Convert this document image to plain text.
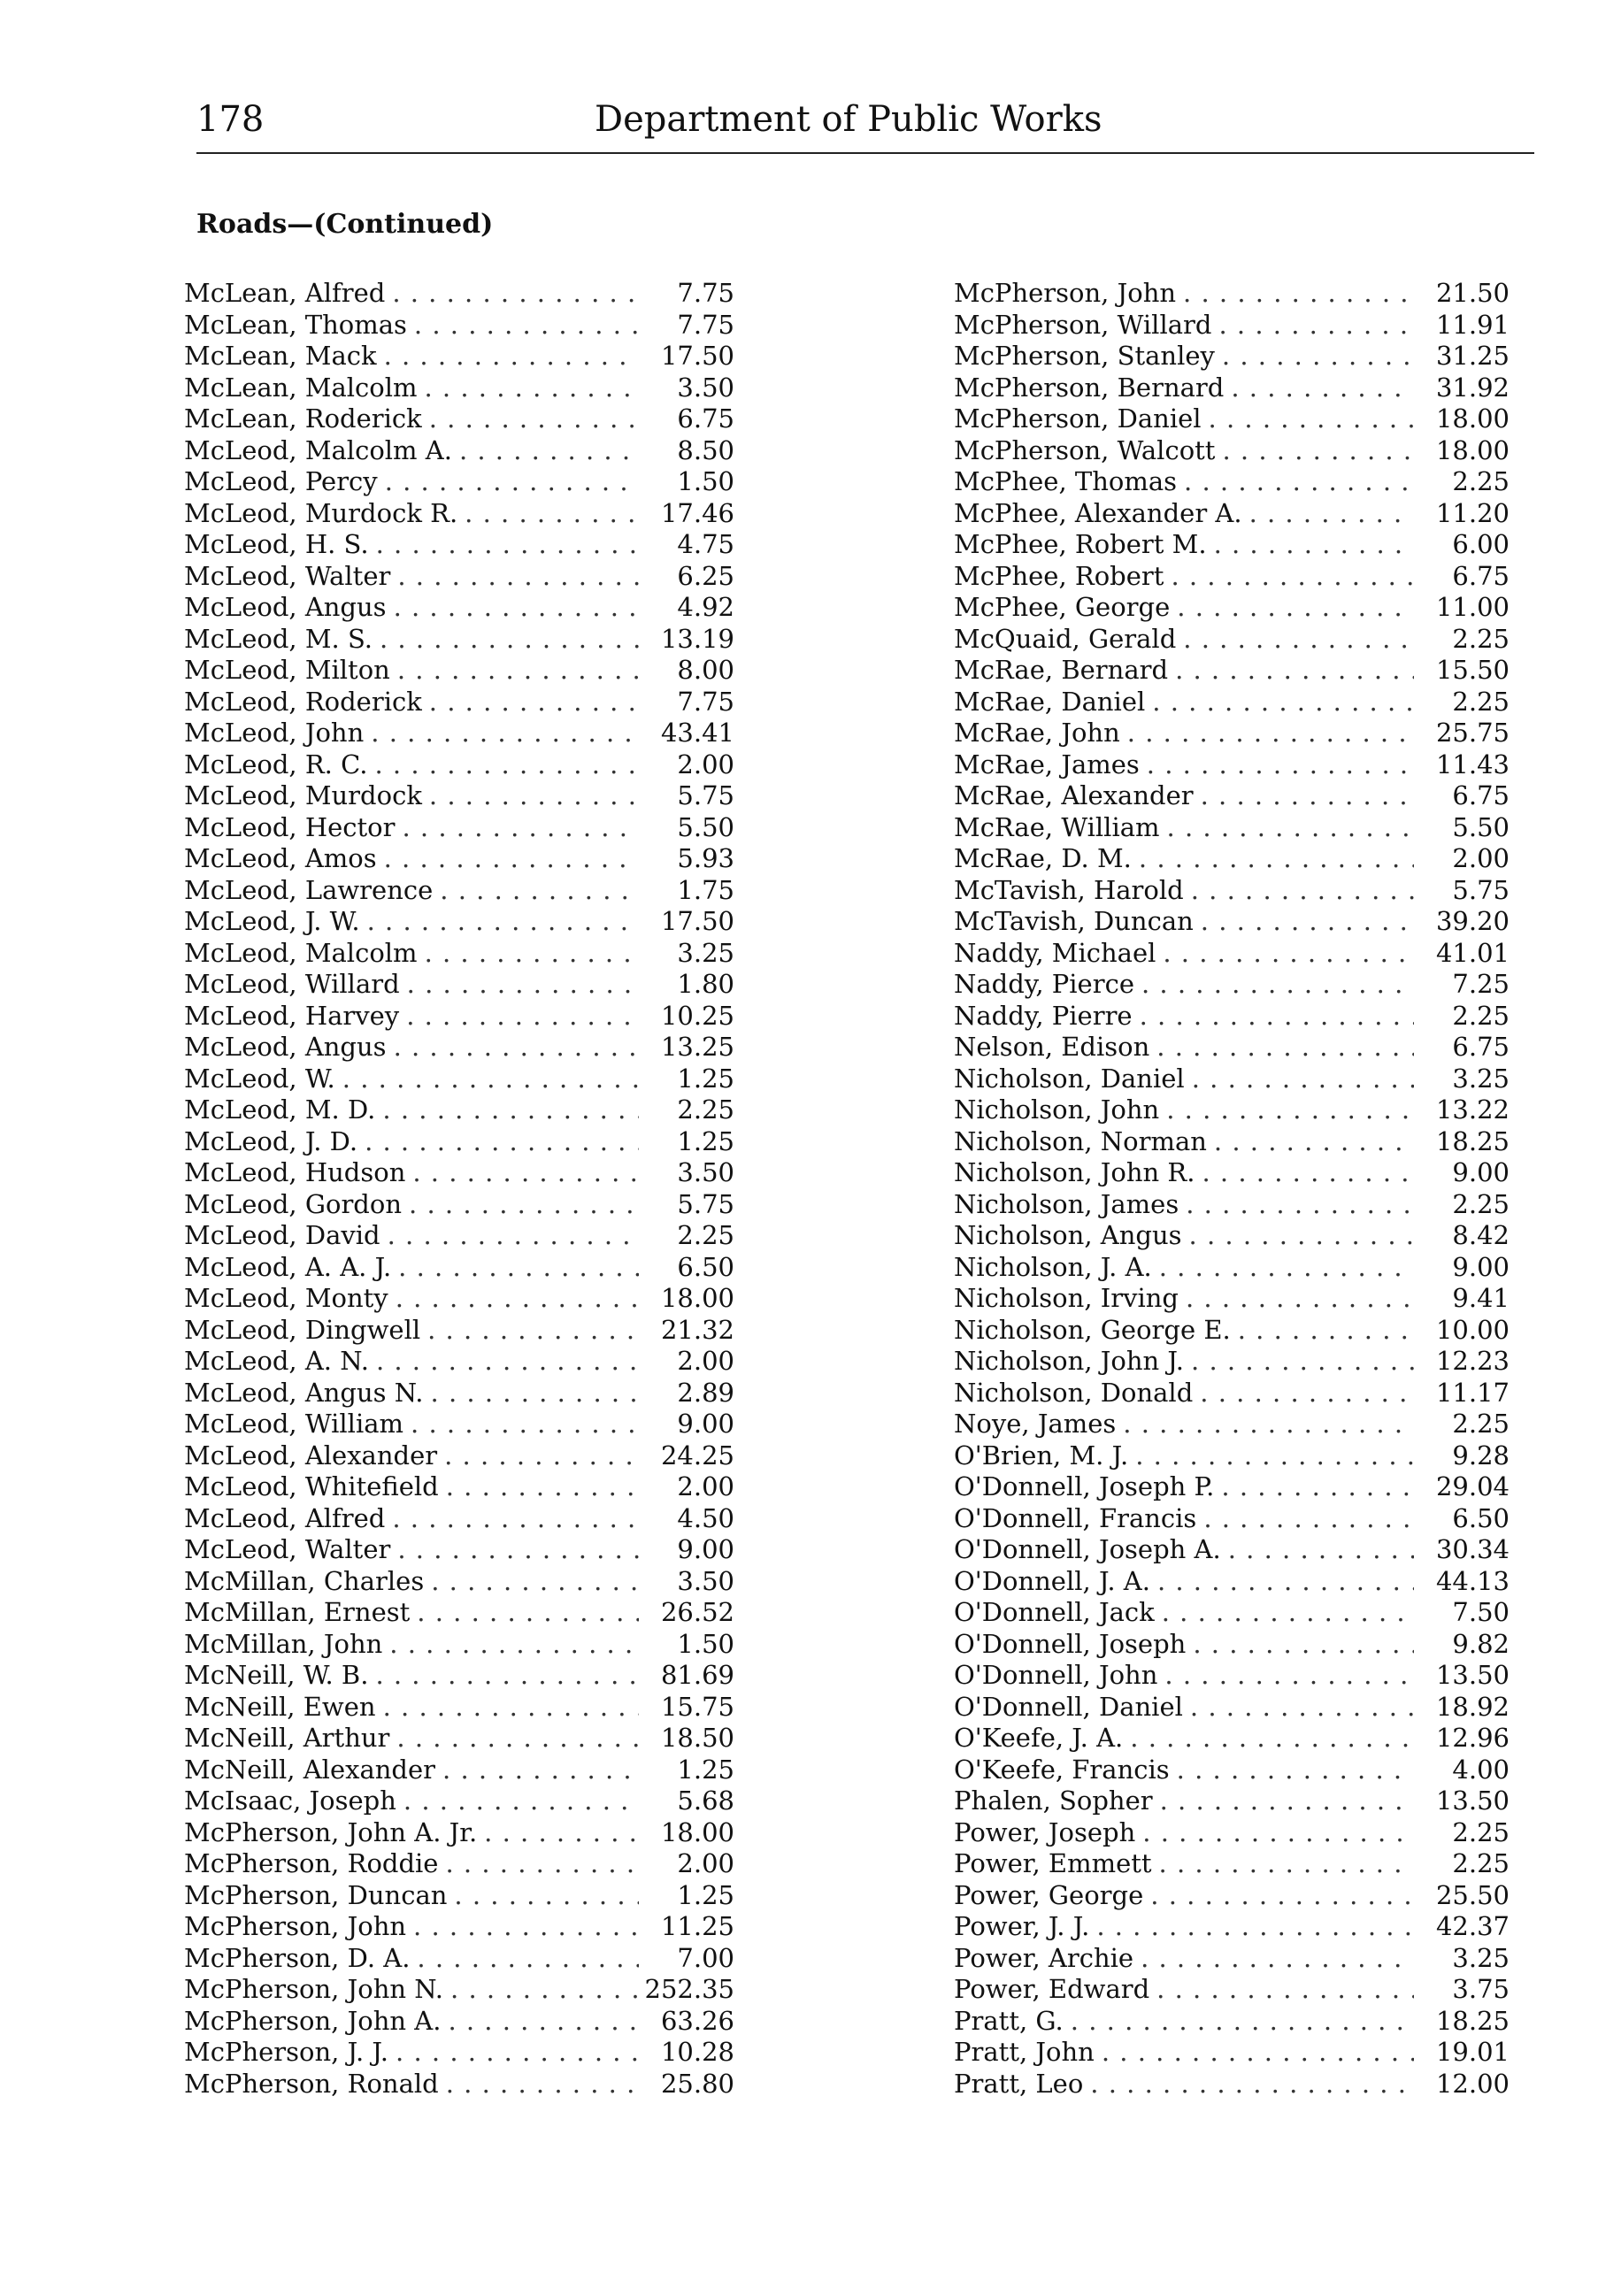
178	Department of Public Works
Roads—(Continued)
McLean, Alfred . . .	7.75
McLean, Thomas . . .	7.75
McLean, Mack . . .	17.50
McLean, Malcolm . . .	3.50
McLean, Roderick . . .	6.75
McLeod, Malcolm A. . . .	8.50
McLeod, Percy . . .	1.50
McLeod, Murdock R. . . .	17.46
McLeod, H. S. . . .	4.75
McLeod, Walter . . .	6.25
McLeod, Angus . . .	4.92
McLeod, M. S. . . .	13.19
McLeod, Milton . . .	8.00
McLeod, Roderick . . .	7.75
McLeod, John . . .	43.41
McLeod, R. C. . . .	2.00
McLeod, Murdock . . .	5.75
McLeod, Hector . . .	5.50
McLeod, Amos . . .	5.93
McLeod, Lawrence . . .	1.75
McLeod, J. W. . . .	17.50
McLeod, Malcolm . . .	3.25
McLeod, Willard . . .	1.80
McLeod, Harvey . . .	10.25
McLeod, Angus . . .	13.25
McLeod, W. . . .	1.25
McLeod, M. D. . . .	2.25
McLeod, J. D. . . .	1.25
McLeod, Hudson . . .	3.50
McLeod, Gordon . . .	5.75
McLeod, David . . .	2.25
McLeod, A. A. J. . . .	6.50
McLeod, Monty . . .	18.00
McLeod, Dingwell . . .	21.32
McLeod, A. N. . . .	2.00
McLeod, Angus N. . . .	2.89
McLeod, William . . .	9.00
McLeod, Alexander . . .	24.25
McLeod, Whitefield . . .	2.00
McLeod, Alfred . . .	4.50
McLeod, Walter . . .	9.00
McMillan, Charles . . .	3.50
McMillan, Ernest . . .	26.52
McMillan, John . . .	1.50
McNeill, W. B. . . .	81.69
McNeill, Ewen . . .	15.75
McNeill, Arthur . . .	18.50
McNeill, Alexander . . .	1.25
McIsaac, Joseph . . .	5.68
McPherson, John A. Jr. . . .	18.00
McPherson, Roddie . . .	2.00
McPherson, Duncan . . .	1.25
McPherson, John . . .	11.25
McPherson, D. A. . . .	7.00
McPherson, John N. . . .	252.35
McPherson, John A. . . .	63.26
McPherson, J. J. . . .	10.28
McPherson, Ronald . . .	25.80
McPherson, John . . .	21.50
McPherson, Willard . . .	11.91
McPherson, Stanley . . .	31.25
McPherson, Bernard . . .	31.92
McPherson, Daniel . . .	18.00
McPherson, Walcott . . .	18.00
McPhee, Thomas . . .	2.25
McPhee, Alexander A. . . .	11.20
McPhee, Robert M. . . .	6.00
McPhee, Robert . . .	6.75
McPhee, George . . .	11.00
McQuaid, Gerald . . .	2.25
McRae, Bernard . . .	15.50
McRae, Daniel . . .	2.25
McRae, John . . .	25.75
McRae, James . . .	11.43
McRae, Alexander . . .	6.75
McRae, William . . .	5.50
McRae, D. M. . . .	2.00
McTavish, Harold . . .	5.75
McTavish, Duncan . . .	39.20
Naddy, Michael . . .	41.01
Naddy, Pierce . . .	7.25
Naddy, Pierre . . .	2.25
Nelson, Edison . . .	6.75
Nicholson, Daniel . . .	3.25
Nicholson, John . . .	13.22
Nicholson, Norman . . .	18.25
Nicholson, John R. . . .	9.00
Nicholson, James . . .	2.25
Nicholson, Angus . . .	8.42
Nicholson, J. A. . . .	9.00
Nicholson, Irving . . .	9.41
Nicholson, George E. . . .	10.00
Nicholson, John J. . . .	12.23
Nicholson, Donald . . .	11.17
Noye, James . . .	2.25
O'Brien, M. J. . . .	9.28
O'Donnell, Joseph P. . . .	29.04
O'Donnell, Francis . . .	6.50
O'Donnell, Joseph A. . . .	30.34
O'Donnell, J. A. . . .	44.13
O'Donnell, Jack . . .	7.50
O'Donnell, Joseph . . .	9.82
O'Donnell, John . . .	13.50
O'Donnell, Daniel . . .	18.92
O'Keefe, J. A. . . .	12.96
O'Keefe, Francis . . .	4.00
Phalen, Sopher . . .	13.50
Power, Joseph . . .	2.25
Power, Emmett . . .	2.25
Power, George . . .	25.50
Power, J. J. . . .	42.37
Power, Archie . . .	3.25
Power, Edward . . .	3.75
Pratt, G. . . .	18.25
Pratt, John . . .	19.01
Pratt, Leo . . .	12.00
